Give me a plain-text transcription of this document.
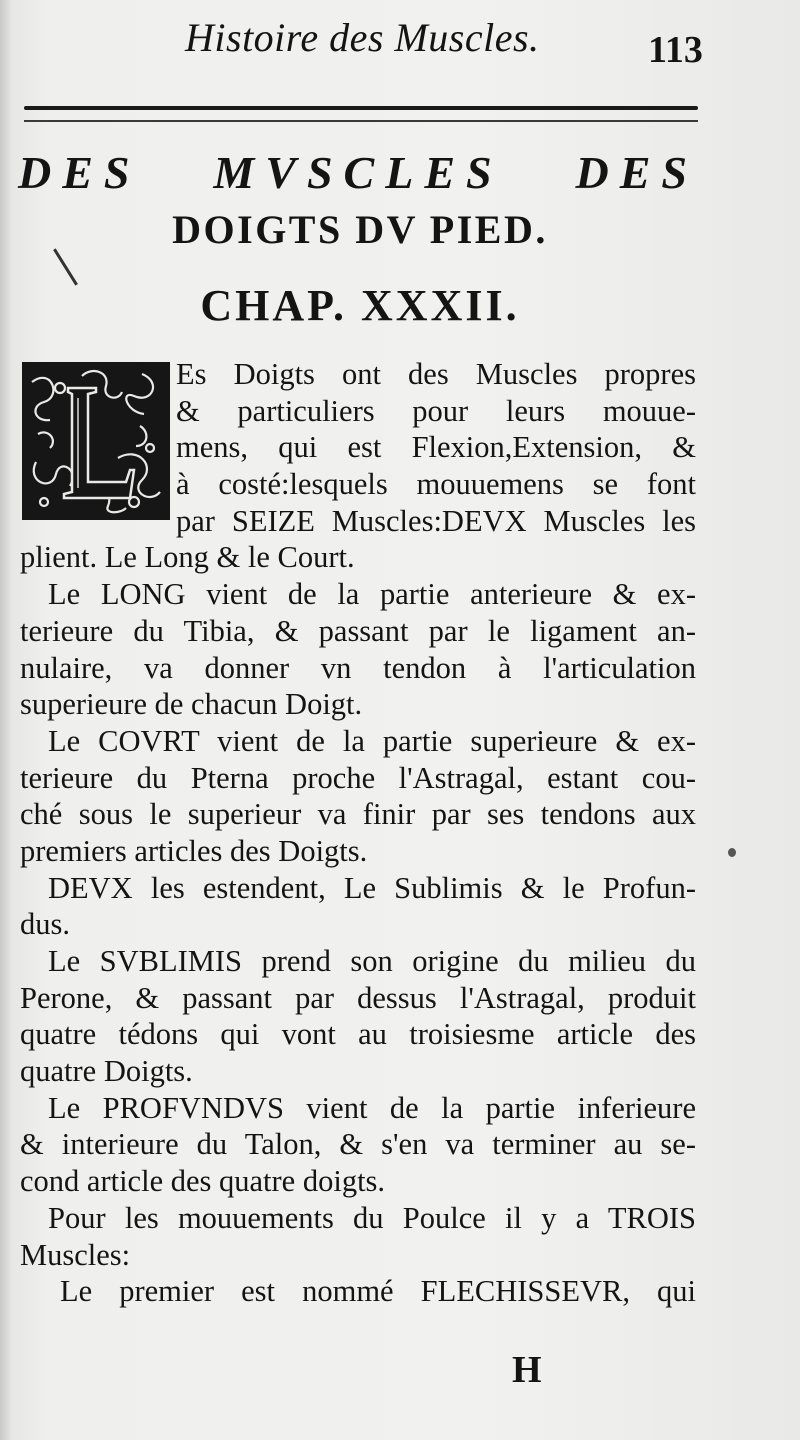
Histoire des Muscles.	113
DES MVSCLES DES
DOIGTS DV PIED.
CHAP. XXXII.
Es Doigts ont des Muscles propres
& particuliers pour leurs mouue-
mens, qui est Flexion,Extension, &
à costé:lesquels mouuemens se font
par SEIZE Muscles:DEVX Muscles les
plient. Le Long & le Court.
Le LONG vient de la partie anterieure & ex-
terieure du Tibia, & passant par le ligament an-
nulaire, va donner vn tendon à l'articulation
superieure de chacun Doigt.
Le COVRT vient de la partie superieure & ex-
terieure du Pterna proche l'Astragal, estant cou-
ché sous le superieur va finir par ses tendons aux
premiers articles des Doigts.
DEVX les estendent, Le Sublimis & le Profun-
dus.
Le SVBLIMIS prend son origine du milieu du
Perone, & passant par dessus l'Astragal, produit
quatre tédons qui vont au troisiesme article des
quatre Doigts.
Le PROFVNDVS vient de la partie inferieure
& interieure du Talon, & s'en va terminer au se-
cond article des quatre doigts.
Pour les mouuements du Poulce il y a TROIS
Muscles:
Le premier est nommé FLECHISSEVR, qui
H
